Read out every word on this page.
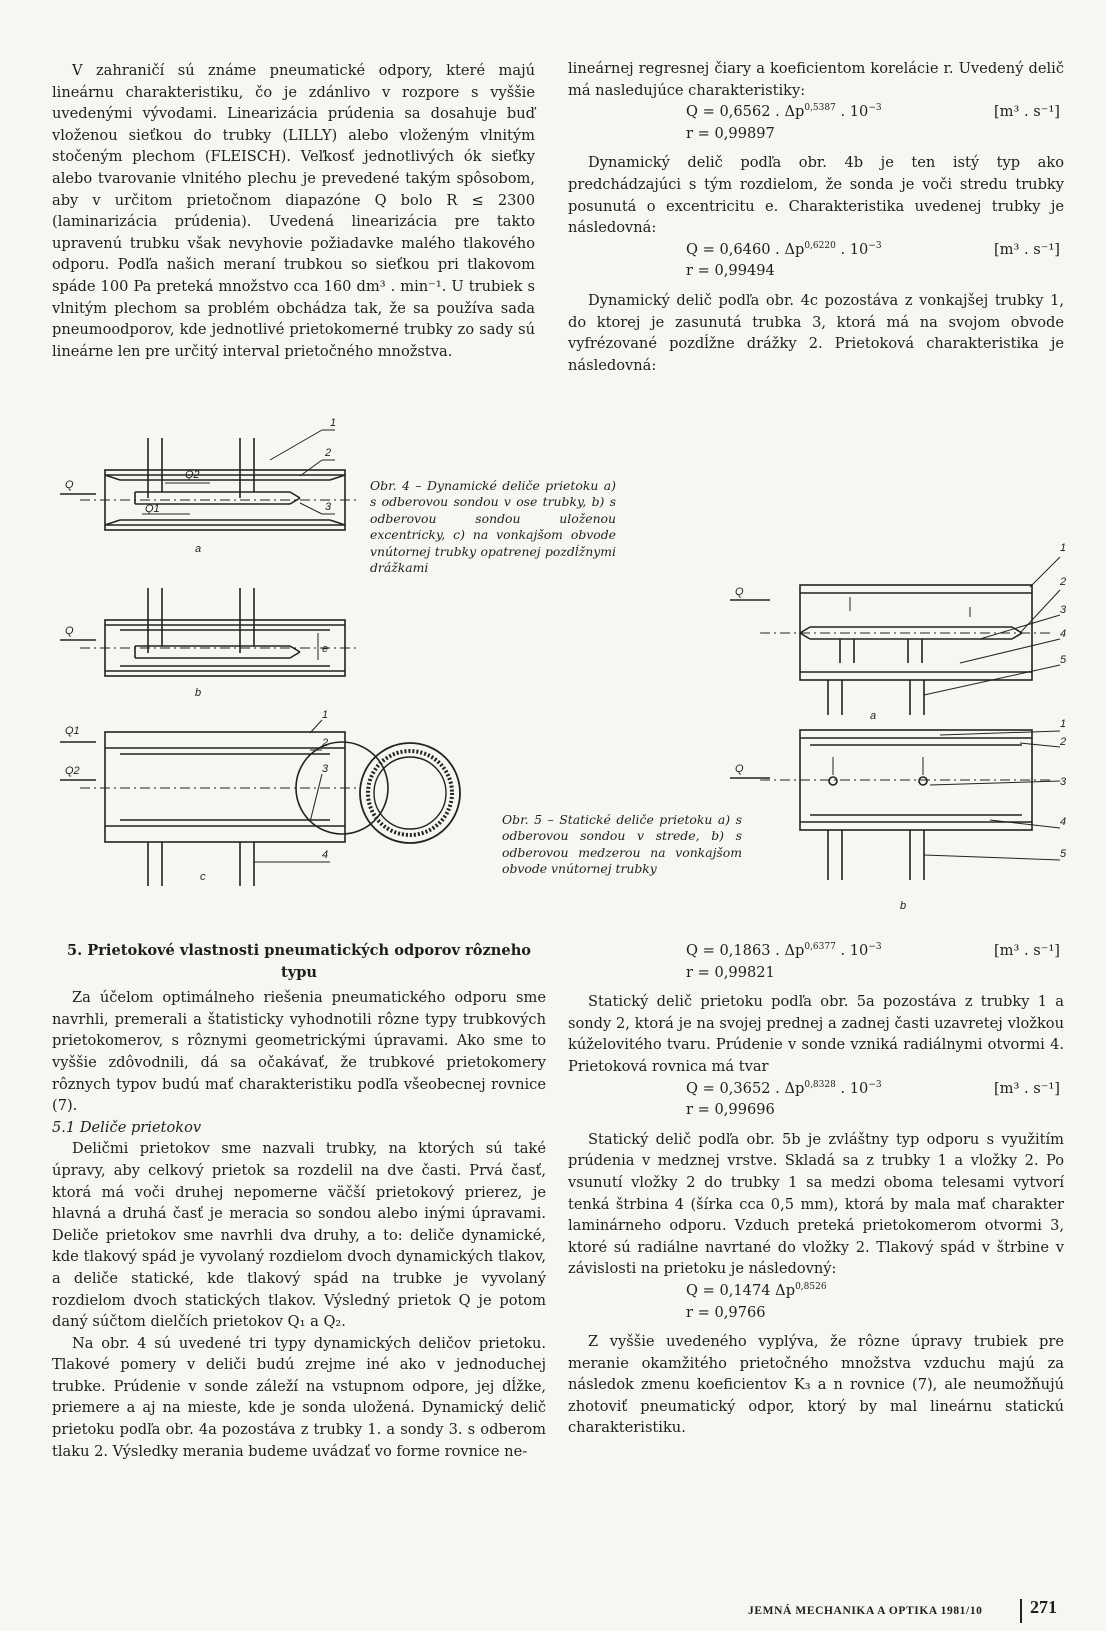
V zahraničí sú známe pneumatické odpory, které majú lineárnu charakteristiku, čo je zdánlivo v rozpore s vyššie uvedenými vývodami. Linearizácia prúdenia sa dosahuje buď vloženou sieťkou do trubky (LILLY) alebo vloženým vlnitým stočeným plechom (FLEISCH). Veľkosť jednotlivých ók sieťky alebo tvarovanie vlnitého plechu je prevedené takým spôsobom, aby v určitom prietočnom diapazóne Q bolo R ≤ 2300 (laminarizácia prúdenia). Uvedená linearizácia pre takto upravenú trubku však nevyhovie požiadavke malého tlakového odporu. Podľa našich meraní trubkou so sieťkou pri tlakovom spáde 100 Pa preteká množstvo cca 160 dm³ . min⁻¹. U trubiek s vlnitým plechom sa problém obchádza tak, že sa používa sada pneumoodporov, kde jednotlivé prietokomerné trubky zo sady sú lineárne len pre určitý interval prietočného množstva.

lineárnej regresnej čiary a koeficientom korelácie r. Uvedený delič má nasledujúce charakteristiky:

Q = 0,6562 . $\Delta p^{0,5387}$ . $10^{-3}$	[m³ . s⁻¹]
r = 0,99897

Dynamický delič podľa obr. 4b je ten istý typ ako predchádzajúci s tým rozdielom, že sonda je voči stredu trubky posunutá o excentricitu e. Charakteristika uvedenej trubky je následovná:

Q = 0,6460 . $\Delta p^{0,6220}$ . $10^{-3}$	[m³ . s⁻¹]
r = 0,99494

Dynamický delič podľa obr. 4c pozostáva z vonkajšej trubky 1, do ktorej je zasunutá trubka 3, ktorá má na svojom obvode vyfrézované pozdĺžne drážky 2. Prietoková charakteristika je následovná:

1
2
3
Q
Q2
Q1
a
Q
e
b
Q1
Q2
1
2
3
4
c
Obr. 4 – Dynamické deliče prietoku a) s odberovou sondou v ose trubky, b) s odberovou sondou uloženou excentricky, c) na vonkajšom obvode vnútornej trubky opatrenej pozdĺžnymi drážkami
Q
1
2
3
4
5
a
Q
1
2
3
4
5
b
Obr. 5 – Statické deliče prietoku a) s odberovou sondou v strede, b) s odberovou medzerou na vonkajšom obvode vnútornej trubky

5. Prietokové vlastnosti pneumatických odporov rôzneho typu

Za účelom optimálneho riešenia pneumatického odporu sme navrhli, premerali a štatisticky vyhodnotili rôzne typy trubkových prietokomerov, s rôznymi geometrickými úpravami. Ako sme to vyššie zdôvodnili, dá sa očakávať, že trubkové prietokomery rôznych typov budú mať charakteristiku podľa všeobecnej rovnice (7).

5.1 Deliče prietokov

Deličmi prietokov sme nazvali trubky, na ktorých sú také úpravy, aby celkový prietok sa rozdelil na dve časti. Prvá časť, ktorá má voči druhej nepomerne väčší prietokový prierez, je hlavná a druhá časť je meracia so sondou alebo inými úpravami. Deliče prietokov sme navrhli dva druhy, a to: deliče dynamické, kde tlakový spád je vyvolaný rozdielom dvoch dynamických tlakov, a deliče statické, kde tlakový spád na trubke je vyvolaný rozdielom dvoch statických tlakov. Výsledný prietok Q je potom daný súčtom dielčích prietokov Q₁ a Q₂.

Na obr. 4 sú uvedené tri typy dynamických deličov prietoku. Tlakové pomery v deliči budú zrejme iné ako v jednoduchej trubke. Prúdenie v sonde záleží na vstupnom odpore, jej dĺžke, priemere a aj na mieste, kde je sonda uložená. Dynamický delič prietoku podľa obr. 4a pozostáva z trubky 1. a sondy 3. s odberom tlaku 2. Výsledky merania budeme uvádzať vo forme rovnice ne-

Q = 0,1863 . $\Delta p^{0,6377}$ . $10^{-3}$	[m³ . s⁻¹]
r = 0,99821

Statický delič prietoku podľa obr. 5a pozostáva z trubky 1 a sondy 2, ktorá je na svojej prednej a zadnej časti uzavretej vložkou kúželovitého tvaru. Prúdenie v sonde vzniká radiálnymi otvormi 4. Prietoková rovnica má tvar

Q = 0,3652 . $\Delta p^{0,8328}$ . $10^{-3}$	[m³ . s⁻¹]
r = 0,99696

Statický delič podľa obr. 5b je zvláštny typ odporu s využitím prúdenia v medznej vrstve. Skladá sa z trubky 1 a vložky 2. Po vsunutí vložky 2 do trubky 1 sa medzi oboma telesami vytvorí tenká štrbina 4 (šírka cca 0,5 mm), ktorá by mala mať charakter laminárneho odporu. Vzduch preteká prietokomerom otvormi 3, ktoré sú radiálne navrtané do vložky 2. Tlakový spád v štrbine v závislosti na prietoku je následovný:

Q = 0,1474 $\Delta p^{0,8526}$
r = 0,9766

Z vyššie uvedeného vyplýva, že rôzne úpravy trubiek pre meranie okamžitého prietočného množstva vzduchu majú za následok zmenu koeficientov K₃ a n rovnice (7), ale neumožňujú zhotoviť pneumatický odpor, ktorý by mal lineárnu statickú charakteristiku.

JEMNÁ MECHANIKA A OPTIKA 1981/10	271
